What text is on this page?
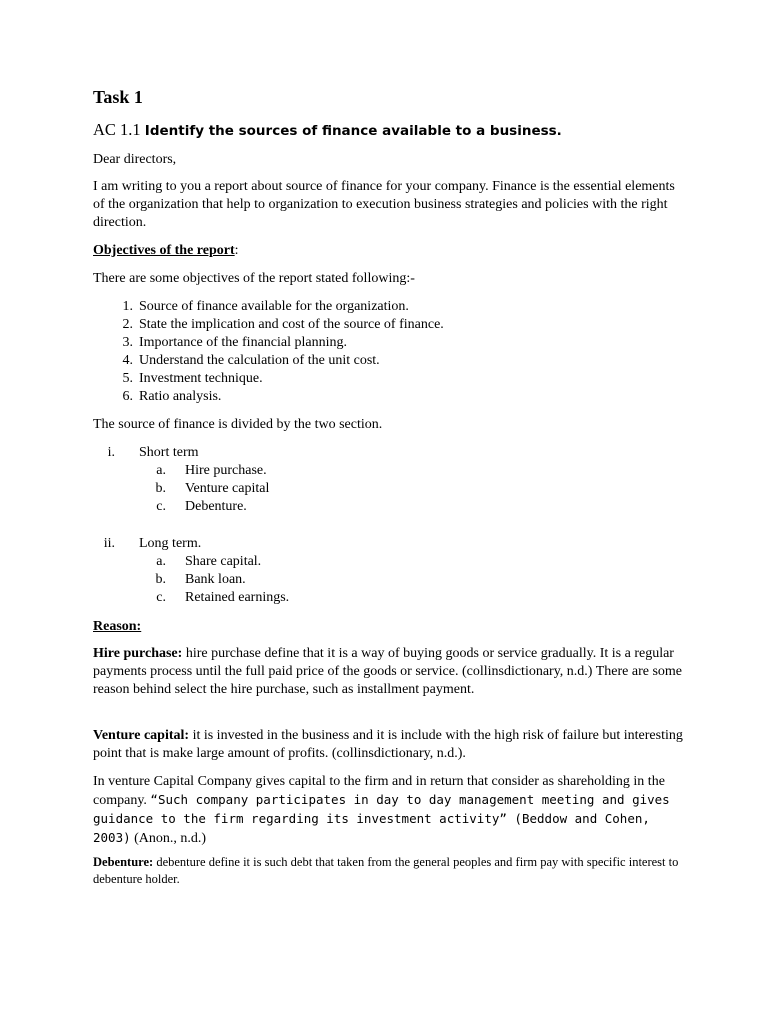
Task 1
AC 1.1 Identify the sources of finance available to a business.

Dear directors,

I am writing to you a report about source of finance for your company. Finance is the essential elements of the organization that help to organization to execution business strategies and policies with the right direction.

Objectives of the report:

There are some objectives of the report stated following:-

1. Source of finance available for the organization.
2. State the implication and cost of the source of finance.
3. Importance of the financial planning.
4. Understand the calculation of the unit cost.
5. Investment technique.
6. Ratio analysis.

The source of finance is divided by the two section.

i. Short term
a. Hire purchase.
b. Venture capital
c. Debenture.
ii. Long term.
a. Share capital.
b. Bank loan.
c. Retained earnings.

Reason:

Hire purchase: hire purchase define that it is a way of buying goods or service gradually. It is a regular payments process until the full paid price of the goods or service. (collinsdictionary, n.d.) There are some reason behind select the hire purchase, such as installment payment.

Venture capital: it is invested in the business and it is include with the high risk of failure but interesting point that is make large amount of profits. (collinsdictionary, n.d.).

In venture Capital Company gives capital to the firm and in return that consider as shareholding in the company. “Such company participates in day to day management meeting and gives guidance to the firm regarding its investment activity” (Beddow and Cohen, 2003) (Anon., n.d.)

Debenture: debenture define it is such debt that taken from the general peoples and firm pay with specific interest to debenture holder.
